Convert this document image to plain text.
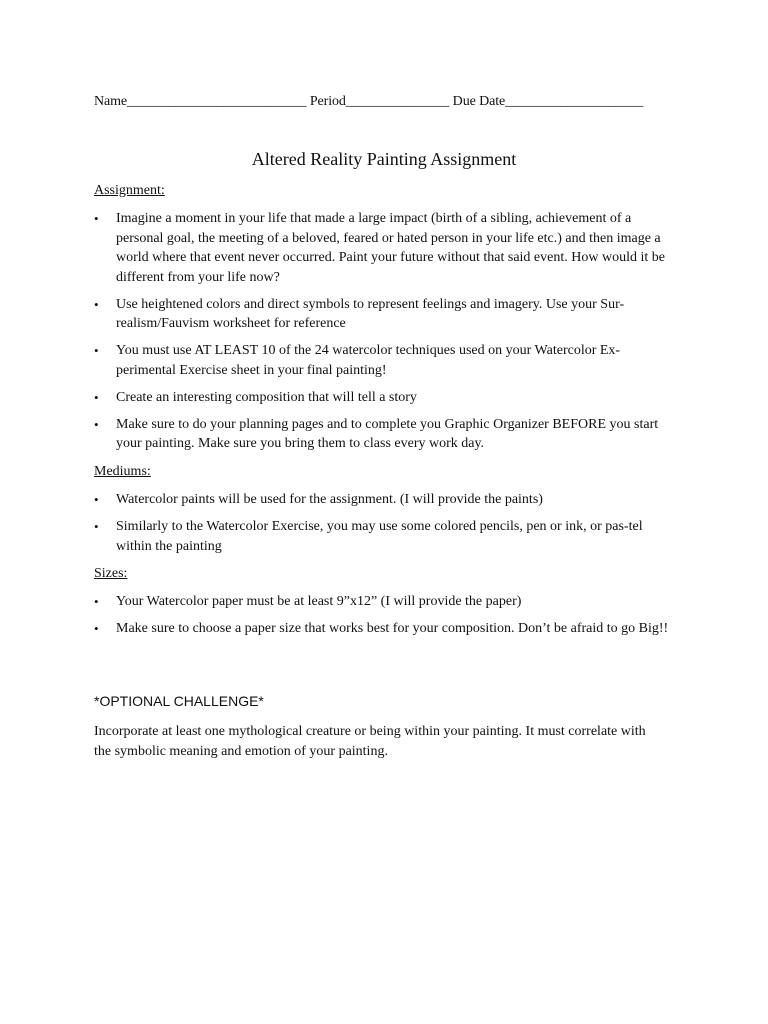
Name__________________________ Period_______________ Due Date____________________
Altered Reality Painting Assignment
Assignment:
• Imagine a moment in your life that made a large impact (birth of a sibling, achievement of a personal goal, the meeting of a beloved, feared or hated person in your life etc.) and then image a world where that event never occurred. Paint your future without that said event. How would it be different from your life now?
• Use heightened colors and direct symbols to represent feelings and imagery. Use your Sur-realism/Fauvism worksheet for reference
• You must use AT LEAST 10 of the 24 watercolor techniques used on your Watercolor Ex-perimental Exercise sheet in your final painting!
• Create an interesting composition that will tell a story
• Make sure to do your planning pages and to complete you Graphic Organizer BEFORE you start your painting. Make sure you bring them to class every work day.
Mediums:
• Watercolor paints will be used for the assignment. (I will provide the paints)
• Similarly to the Watercolor Exercise, you may use some colored pencils, pen or ink, or pas-tel within the painting
Sizes:
• Your Watercolor paper must be at least 9”x12” (I will provide the paper)
• Make sure to choose a paper size that works best for your composition. Don’t be afraid to go Big!!
*OPTIONAL CHALLENGE*
Incorporate at least one mythological creature or being within your painting. It must correlate with the symbolic meaning and emotion of your painting.
